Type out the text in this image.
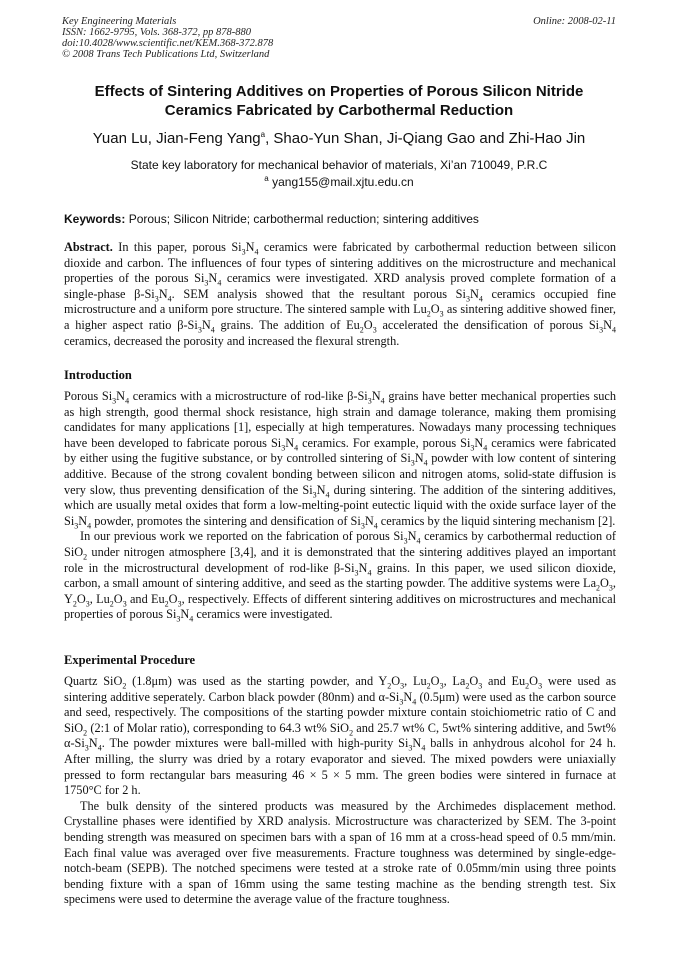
Key Engineering Materials
ISSN: 1662-9795, Vols. 368-372, pp 878-880
doi:10.4028/www.scientific.net/KEM.368-372.878
© 2008 Trans Tech Publications Ltd, Switzerland
Online: 2008-02-11
Effects of Sintering Additives on Properties of Porous Silicon Nitride
Ceramics Fabricated by Carbothermal Reduction
Yuan Lu, Jian-Feng Yang$^a$, Shao-Yun Shan, Ji-Qiang Gao and Zhi-Hao Jin
State key laboratory for mechanical behavior of materials, Xi’an 710049, P.R.C
$^a$ yang155@mail.xjtu.edu.cn
Keywords: Porous; Silicon Nitride; carbothermal reduction; sintering additives

Abstract. In this paper, porous $Si_3N_4$ ceramics were fabricated by carbothermal reduction between silicon dioxide and carbon. The influences of four types of sintering additives on the microstructure and mechanical properties of the porous $Si_3N_4$ ceramics were investigated. XRD analysis proved complete formation of a single-phase $\beta-Si_3N_4$. SEM analysis showed that the resultant porous $Si_3N_4$ ceramics occupied fine microstructure and a uniform pore structure. The sintered sample with $Lu_2O_3$ as sintering additive showed finer, a higher aspect ratio $\beta-Si_3N_4$ grains. The addition of $Eu_2O_3$ accelerated the densification of porous $Si_3N_4$ ceramics, decreased the porosity and increased the flexural strength.

Introduction

Porous $Si_3N_4$ ceramics with a microstructure of rod-like $\beta-Si_3N_4$ grains have better mechanical properties such as high strength, good thermal shock resistance, high strain and damage tolerance, making them promising candidates for many applications [1], especially at high temperatures. Nowadays many processing techniques have been developed to fabricate porous $Si_3N_4$ ceramics. For example, porous $Si_3N_4$ ceramics were fabricated by either using the fugitive substance, or by controlled sintering of $Si_3N_4$ powder with low content of sintering additive. Because of the strong covalent bonding between silicon and nitrogen atoms, solid-state diffusion is very slow, thus preventing densification of the $Si_3N_4$ during sintering. The addition of the sintering additives, which are usually metal oxides that form a low-melting-point eutectic liquid with the oxide surface layer of the $Si_3N_4$ powder, promotes the sintering and densification of $Si_3N_4$ ceramics by the liquid sintering mechanism [2].

In our previous work we reported on the fabrication of porous $Si_3N_4$ ceramics by carbothermal reduction of SiO$_2$ under nitrogen atmosphere [3,4], and it is demonstrated that the sintering additives played an important role in the microstructural development of rod-like $\beta-Si_3N_4$ grains. In this paper, we used silicon dioxide, carbon, a small amount of sintering additive, and seed as the starting powder. The additive systems were $La_2O_3$, $Y_2O_3$, $Lu_2O_3$ and $Eu_2O_3$, respectively. Effects of different sintering additives on microstructures and mechanical properties of porous $Si_3N_4$ ceramics were investigated.

Experimental Procedure

Quartz SiO$_2$ (1.8μm) was used as the starting powder, and $Y_2O_3$, $Lu_2O_3$, $La_2O_3$ and $Eu_2O_3$ were used as sintering additive seperately. Carbon black powder (80nm) and $\alpha-Si_3N_4$ (0.5μm) were used as the carbon source and seed, respectively. The compositions of the starting powder mixture contain stoichiometric ratio of C and SiO$_2$ (2:1 of Molar ratio), corresponding to 64.3 wt% SiO$_2$ and 25.7 wt% C, 5wt% sintering additive, and 5wt% $\alpha-Si_3N_4$. The powder mixtures were ball-milled with high-purity $Si_3N_4$ balls in anhydrous alcohol for 24 h. After milling, the slurry was dried by a rotary evaporator and sieved. The mixed powders were uniaxially pressed to form rectangular bars measuring 46 × 5 × 5 mm. The green bodies were sintered in furnace at 1750°C for 2 h.

The bulk density of the sintered products was measured by the Archimedes displacement method. Crystalline phases were identified by XRD analysis. Microstructure was characterized by SEM. The 3-point bending strength was measured on specimen bars with a span of 16 mm at a cross-head speed of 0.5 mm/min. Each final value was averaged over five measurements. Fracture toughness was determined by single-edge-notch-beam (SEPB). The notched specimens were tested at a stroke rate of 0.05mm/min using three points bending fixture with a span of 16mm using the same testing machine as the bending strength test. Six specimens were used to determine the average value of the fracture toughness.
